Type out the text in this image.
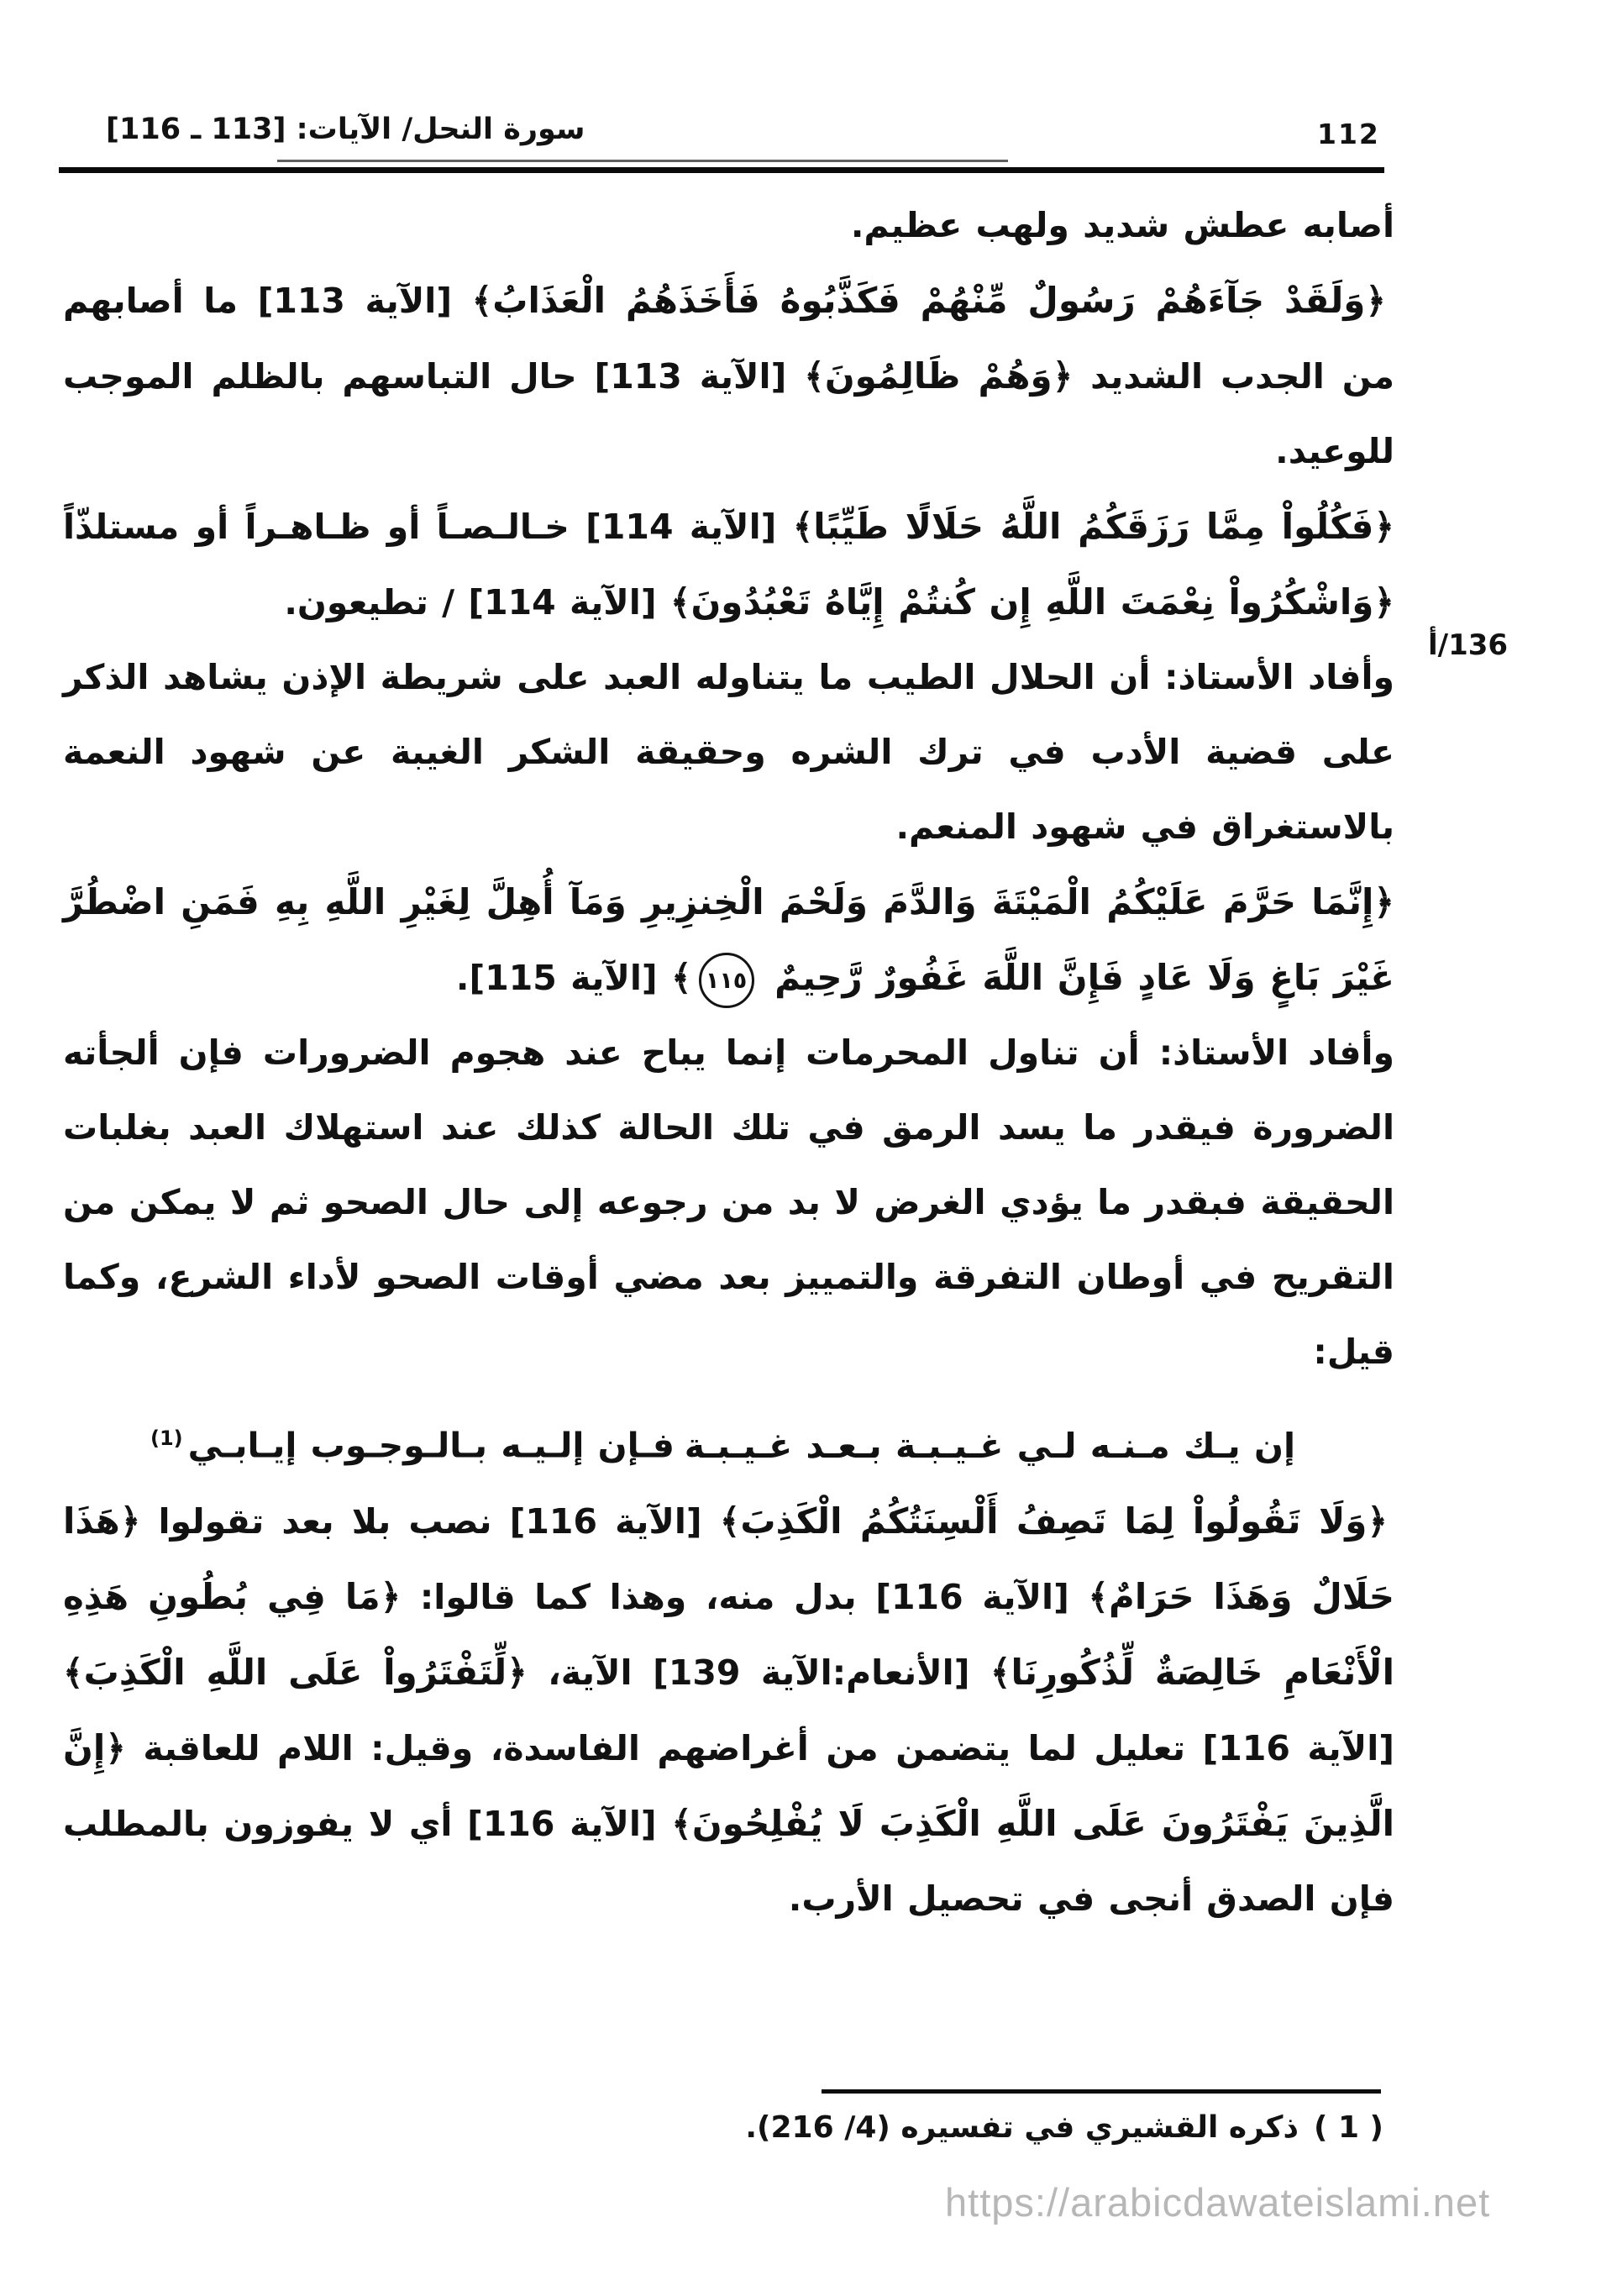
سورة النحل/ الآيات: [113 ـ 116]	112
136/أ

أصابه عطش شديد ولهب عظيم.

﴿وَلَقَدْ جَآءَهُمْ رَسُولٌ مِّنْهُمْ فَكَذَّبُوهُ فَأَخَذَهُمُ الْعَذَابُ﴾ [الآية 113] ما أصابهم من الجدب الشديد ﴿وَهُمْ ظَالِمُونَ﴾ [الآية 113] حال التباسهم بالظلم الموجب للوعيد.

﴿فَكُلُواْ مِمَّا رَزَقَكُمُ اللَّهُ حَلَالًا طَيِّبًا﴾ [الآية 114] خـالـصـاً أو ظـاهـراً أو مستلذّاً ﴿وَاشْكُرُواْ نِعْمَتَ اللَّهِ إِن كُنتُمْ إِيَّاهُ تَعْبُدُونَ﴾ [الآية 114] / تطيعون.

وأفاد الأستاذ: أن الحلال الطيب ما يتناوله العبد على شريطة الإذن يشاهد الذكر على قضية الأدب في ترك الشره وحقيقة الشكر الغيبة عن شهود النعمة بالاستغراق في شهود المنعم.

﴿إِنَّمَا حَرَّمَ عَلَيْكُمُ الْمَيْتَةَ وَالدَّمَ وَلَحْمَ الْخِنزِيرِ وَمَآ أُهِلَّ لِغَيْرِ اللَّهِ بِهِ فَمَنِ اضْطُرَّ غَيْرَ بَاغٍ وَلَا عَادٍ فَإِنَّ اللَّهَ غَفُورٌ رَّحِيمٌ ١١٥﴾ [الآية 115].

وأفاد الأستاذ: أن تناول المحرمات إنما يباح عند هجوم الضرورات فإن ألجأته الضرورة فيقدر ما يسد الرمق في تلك الحالة كذلك عند استهلاك العبد بغلبات الحقيقة فبقدر ما يؤدي الغرض لا بد من رجوعه إلى حال الصحو ثم لا يمكن من التقريح في أوطان التفرقة والتمييز بعد مضي أوقات الصحو لأداء الشرع، وكما قيل:

إن يـك مـنـه لـي غـيـبـة بـعـد غـيـبـة
فـإن إلـيـه بـالـوجـوب إيـابـي$^{(1)}$

﴿وَلَا تَقُولُواْ لِمَا تَصِفُ أَلْسِنَتُكُمُ الْكَذِبَ﴾ [الآية 116] نصب بلا بعد تقولوا ﴿هَذَا حَلَالٌ وَهَذَا حَرَامٌ﴾ [الآية 116] بدل منه، وهذا كما قالوا: ﴿مَا فِي بُطُونِ هَذِهِ الْأَنْعَامِ خَالِصَةٌ لِّذُكُورِنَا﴾ [الأنعام:الآية 139] الآية، ﴿لِّتَفْتَرُواْ عَلَى اللَّهِ الْكَذِبَ﴾ [الآية 116] تعليل لما يتضمن من أغراضهم الفاسدة، وقيل: اللام للعاقبة ﴿إِنَّ الَّذِينَ يَفْتَرُونَ عَلَى اللَّهِ الْكَذِبَ لَا يُفْلِحُونَ﴾ [الآية 116] أي لا يفوزون بالمطلب فإن الصدق أنجى في تحصيل الأرب.

( 1 )ذكره القشيري في تفسيره (4/ 216).
https://arabicdawateislami.net
